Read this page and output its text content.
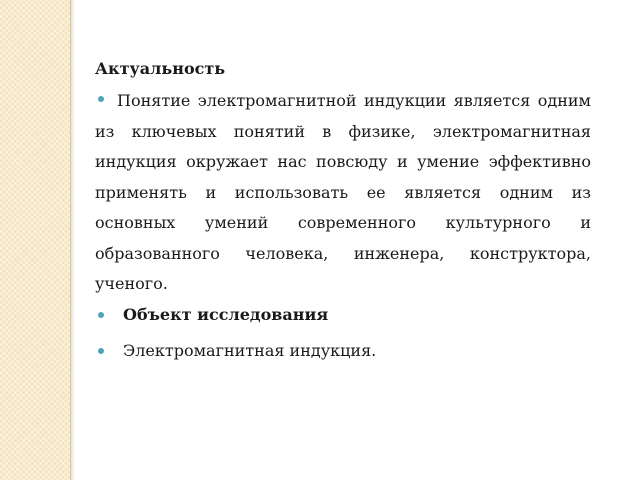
Актуальность

Понятие электромагнитной индукции является одним из ключевых понятий в физике, электромагнитная индукция окружает нас повсюду и умение эффективно применять и использовать ее является одним из основных умений современного культурного и образованного человека, инженера, конструктора, ученого.

Объект исследования
Электромагнитная индукция.
